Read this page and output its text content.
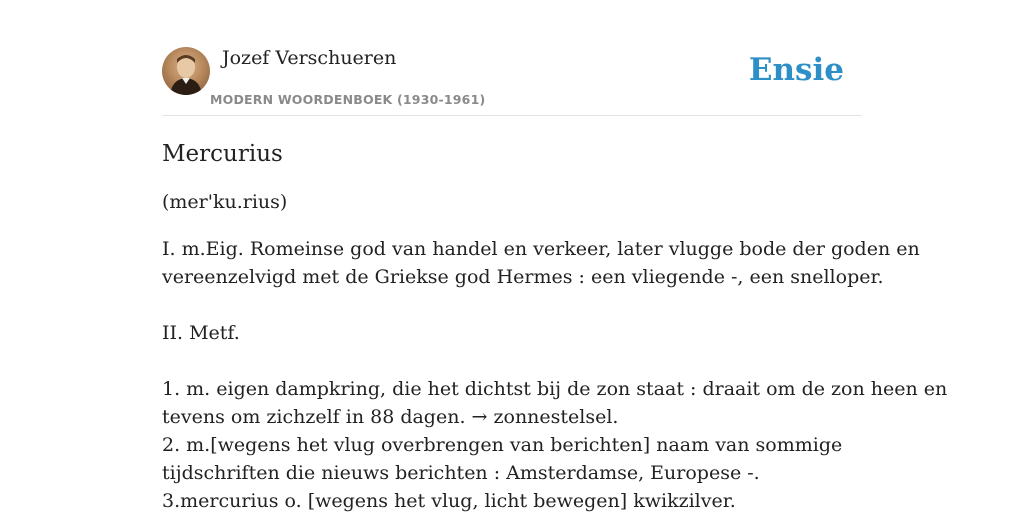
Jozef Verschueren
MODERN WOORDENBOEK (1930-1961)
Ensie
Mercurius
(mer'ku.rius)
I. m.Eig. Romeinse god van handel en verkeer, later vlugge bode der goden en
vereenzelvigd met de Griekse god Hermes : een vliegende -, een snelloper.
II. Metf.
1. m. eigen dampkring, die het dichtst bij de zon staat : draait om de zon heen en
tevens om zichzelf in 88 dagen. → zonnestelsel.
2. m.[wegens het vlug overbrengen van berichten] naam van sommige
tijdschriften die nieuws berichten : Amsterdamse, Europese -.
3.mercurius o. [wegens het vlug, licht bewegen] kwikzilver.
